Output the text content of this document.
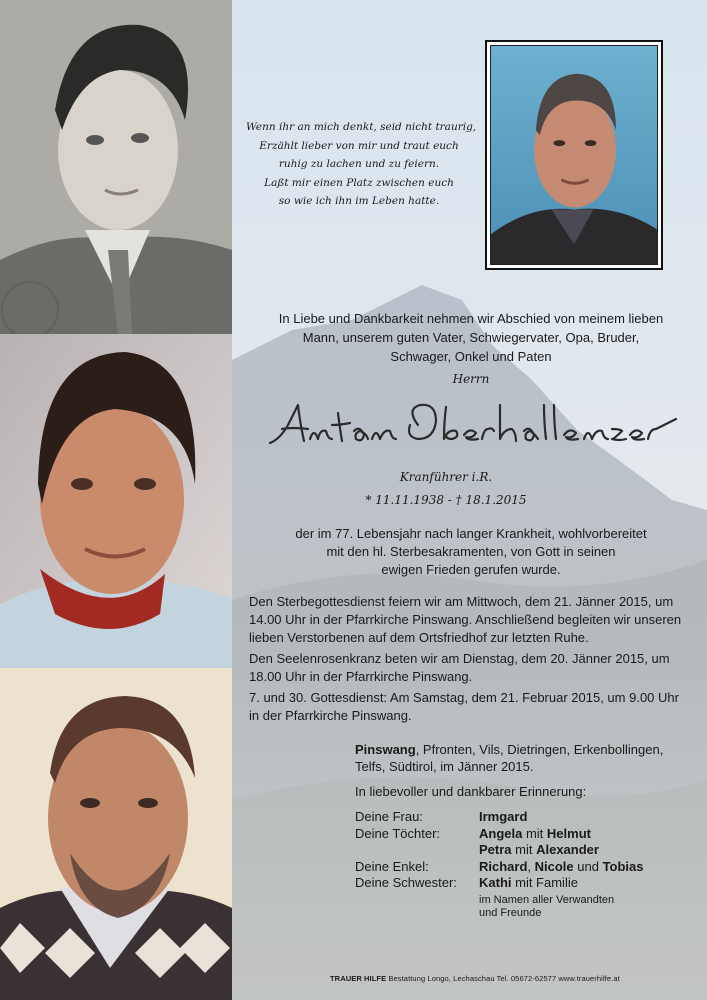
Wenn ihr an mich denkt, seid nicht traurig,
Erzählt lieber von mir und traut euch
ruhig zu lachen und zu feiern.
Laßt mir einen Platz zwischen euch
so wie ich ihn im Leben hatte.
In Liebe und Dankbarkeit nehmen wir Abschied von meinem lieben
Mann, unserem guten Vater, Schwiegervater, Opa, Bruder,
Schwager, Onkel und Paten
Herrn
Kranführer i.R.
* 11.11.1938 - † 18.1.2015
der im 77. Lebensjahr nach langer Krankheit, wohlvorbereitet
mit den hl. Sterbesakramenten, von Gott in seinen
ewigen Frieden gerufen wurde.
Den Sterbegottesdienst feiern wir am Mittwoch, dem 21. Jänner 2015, um
14.00 Uhr in der Pfarrkirche Pinswang. Anschließend begleiten wir unseren
lieben Verstorbenen auf dem Ortsfriedhof zur letzten Ruhe.
Den Seelenrosenkranz beten wir am Dienstag, dem 20. Jänner 2015, um
18.00 Uhr in der Pfarrkirche Pinswang.
7. und 30. Gottesdienst: Am Samstag, dem 21. Februar 2015, um 9.00 Uhr
in der Pfarrkirche Pinswang.
Pinswang, Pfronten, Vils, Dietringen, Erkenbollingen,
Telfs, Südtirol, im Jänner 2015.
In liebevoller und dankbarer Erinnerung:
Deine Frau:	Irmgard
Deine Töchter:	Angela mit Helmut
Petra mit Alexander
Deine Enkel:	Richard, Nicole und Tobias
Deine Schwester: Kathi mit Familie
im Namen aller Verwandten
und Freunde
TRAUER HILFE Bestattung Longo, Lechaschau Tel. 05672-62577 www.trauerhilfe.at
